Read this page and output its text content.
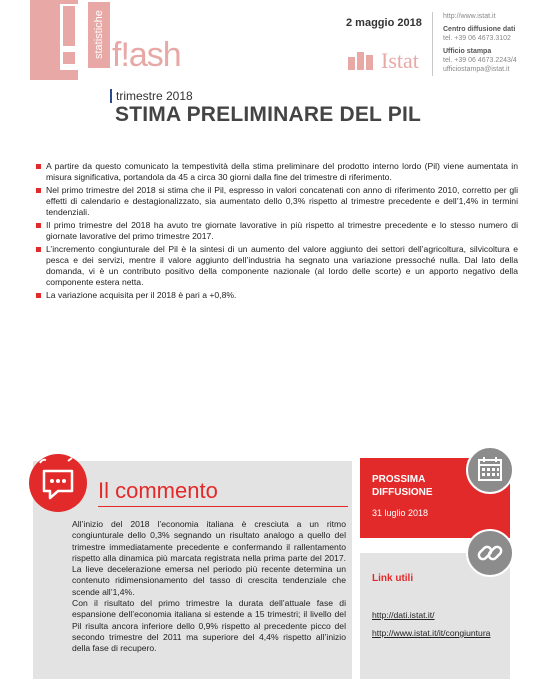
statistiche f!ash
2 maggio 2018
Istat
http://www.istat.it
Centro diffusione dati
tel. +39 06 4673.3102
Ufficio stampa
tel. +39 06 4673.2243/4
ufficiostampa@istat.it
trimestre 2018
STIMA PRELIMINARE DEL PIL
A partire da questo comunicato la tempestività della stima preliminare del prodotto interno lordo (Pil) viene aumentata in misura significativa, portandola da 45 a circa 30 giorni dalla fine del trimestre di riferimento.
Nel primo trimestre del 2018 si stima che il Pil, espresso in valori concatenati con anno di riferimento 2010, corretto per gli effetti di calendario e destagionalizzato, sia aumentato dello 0,3% rispetto al trimestre precedente e dell’1,4% in termini tendenziali.
Il primo trimestre del 2018 ha avuto tre giornate lavorative in più rispetto al trimestre precedente e lo stesso numero di giornate lavorative del primo trimestre 2017.
L’incremento congiunturale del Pil è la sintesi di un aumento del valore aggiunto dei settori dell’agricoltura, silvicoltura e pesca e dei servizi, mentre il valore aggiunto dell’industria ha segnato una variazione pressoché nulla. Dal lato della domanda, vi è un contributo positivo della componente nazionale (al lordo delle scorte) e un apporto negativo della componente estera netta.
La variazione acquisita per il 2018 è pari a +0,8%.
Il commento
All’inizio del 2018 l’economia italiana è cresciuta a un ritmo congiunturale dello 0,3% segnando un risultato analogo a quello del trimestre immediatamente precedente e confermando il rallentamento rispetto alla dinamica più marcata registrata nella prima parte del 2017. La lieve decelerazione emersa nel periodo più recente determina un contenuto ridimensionamento del tasso di crescita tendenziale che scende all’1,4%.
Con il risultato del primo trimestre la durata dell’attuale fase di espansione dell’economia italiana si estende a 15 trimestri; il livello del Pil risulta ancora inferiore dello 0,9% rispetto al precedente picco del secondo trimestre del 2011 ma superiore del 4,4% rispetto all’inizio della fase di recupero.
PROSSIMA DIFFUSIONE
31 luglio 2018
Link utili
http://dati.istat.it/
http://www.istat.it/it/congiuntura
